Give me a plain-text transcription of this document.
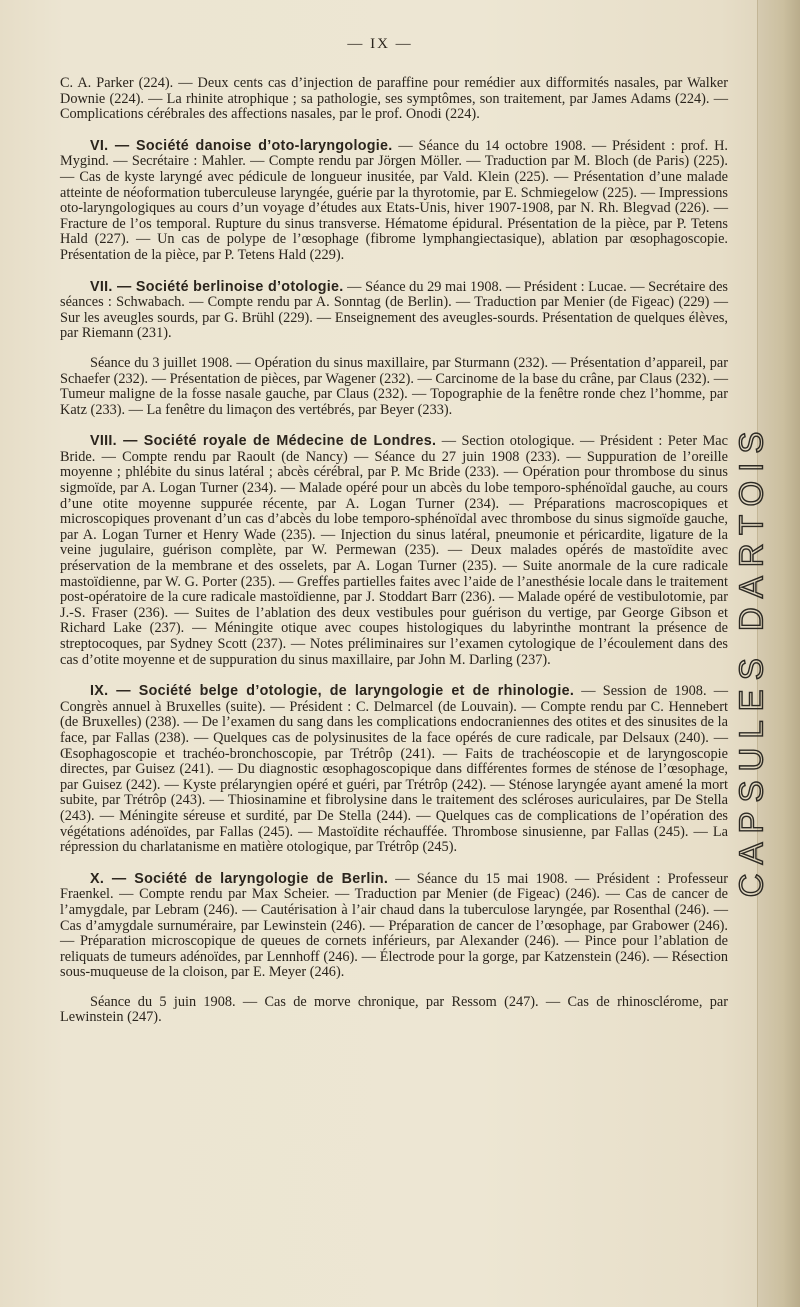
— IX —

C. A. Parker (224). — Deux cents cas d’injection de paraffine pour remédier aux difformités nasales, par Walker Downie (224). — La rhinite atrophique ; sa pathologie, ses symptômes, son traitement, par James Adams (224). — Complications cérébrales des affections nasales, par le prof. Onodi (224).

VI. — Société danoise d’oto-laryngologie. — Séance du 14 octobre 1908. — Président : prof. H. Mygind. — Secrétaire : Mahler. — Compte rendu par Jörgen Möller. — Traduction par M. Bloch (de Paris) (225). — Cas de kyste laryngé avec pédicule de longueur inusitée, par Vald. Klein (225). — Présentation d’une malade atteinte de néoformation tuberculeuse laryngée, guérie par la thyrotomie, par E. Schmiegelow (225). — Impressions oto-laryngologiques au cours d’un voyage d’études aux Etats-Unis, hiver 1907-1908, par N. Rh. Blegvad (226). — Fracture de l’os temporal. Rupture du sinus transverse. Hématome épidural. Présentation de la pièce, par P. Tetens Hald (227). — Un cas de polype de l’œsophage (fibrome lymphangiectasique), ablation par œsophagoscopie. Présentation de la pièce, par P. Tetens Hald (229).

VII. — Société berlinoise d’otologie. — Séance du 29 mai 1908. — Président : Lucae. — Secrétaire des séances : Schwabach. — Compte rendu par A. Sonntag (de Berlin). — Traduction par Menier (de Figeac) (229) — Sur les aveugles sourds, par G. Brühl (229). — Enseignement des aveugles-sourds. Présentation de quelques élèves, par Riemann (231).

Séance du 3 juillet 1908. — Opération du sinus maxillaire, par Sturmann (232). — Présentation d’appareil, par Schaefer (232). — Présentation de pièces, par Wagener (232). — Carcinome de la base du crâne, par Claus (232). — Tumeur maligne de la fosse nasale gauche, par Claus (232). — Topographie de la fenêtre ronde chez l’homme, par Katz (233). — La fenêtre du limaçon des vertébrés, par Beyer (233).

VIII. — Société royale de Médecine de Londres. — Section otologique. — Président : Peter Mac Bride. — Compte rendu par Raoult (de Nancy) — Séance du 27 juin 1908 (233). — Suppuration de l’oreille moyenne ; phlébite du sinus latéral ; abcès cérébral, par P. Mc Bride (233). — Opération pour thrombose du sinus sigmoïde, par A. Logan Turner (234). — Malade opéré pour un abcès du lobe temporo-sphénoïdal gauche, au cours d’une otite moyenne suppurée récente, par A. Logan Turner (234). — Préparations macroscopiques et microscopiques provenant d’un cas d’abcès du lobe temporo-sphénoïdal avec thrombose du sinus sigmoïde gauche, par A. Logan Turner et Henry Wade (235). — Injection du sinus latéral, pneumonie et péricardite, ligature de la veine jugulaire, guérison complète, par W. Permewan (235). — Deux malades opérés de mastoïdite avec préservation de la membrane et des osselets, par A. Logan Turner (235). — Suite anormale de la cure radicale mastoïdienne, par W. G. Porter (235). — Greffes partielles faites avec l’aide de l’anesthésie locale dans le traitement post-opératoire de la cure radicale mastoïdienne, par J. Stoddart Barr (236). — Malade opéré de vestibulotomie, par J.-S. Fraser (236). — Suites de l’ablation des deux vestibules pour guérison du vertige, par George Gibson et Richard Lake (237). — Méningite otique avec coupes histologiques du labyrinthe montrant la présence de streptocoques, par Sydney Scott (237). — Notes préliminaires sur l’examen cytologique de l’écoulement dans des cas d’otite moyenne et de suppuration du sinus maxillaire, par John M. Darling (237).

IX. — Société belge d’otologie, de laryngologie et de rhinologie. — Session de 1908. — Congrès annuel à Bruxelles (suite). — Président : C. Delmarcel (de Louvain). — Compte rendu par C. Hennebert (de Bruxelles) (238). — De l’examen du sang dans les complications endocraniennes des otites et des sinusites de la face, par Fallas (238). — Quelques cas de polysinusites de la face opérés de cure radicale, par Delsaux (240). — Œsophagoscopie et trachéo-bronchoscopie, par Trétrôp (241). — Faits de trachéoscopie et de laryngoscopie directes, par Guisez (241). — Du diagnostic œsophagoscopique dans différentes formes de sténose de l’œsophage, par Guisez (242). — Kyste prélaryngien opéré et guéri, par Trétrôp (242). — Sténose laryngée ayant amené la mort subite, par Trétrôp (243). — Thiosinamine et fibrolysine dans le traitement des scléroses auriculaires, par De Stella (243). — Méningite séreuse et surdité, par De Stella (244). — Quelques cas de complications de l’opération des végétations adénoïdes, par Fallas (245). — Mastoïdite réchauffée. Thrombose sinusienne, par Fallas (245). — La répression du charlatanisme en matière otologique, par Trétrôp (245).

X. — Société de laryngologie de Berlin. — Séance du 15 mai 1908. — Président : Professeur Fraenkel. — Compte rendu par Max Scheier. — Traduction par Menier (de Figeac) (246). — Cas de cancer de l’amygdale, par Lebram (246). — Cautérisation à l’air chaud dans la tuberculose laryngée, par Rosenthal (246). — Cas d’amygdale surnuméraire, par Lewinstein (246). — Préparation de cancer de l’œsophage, par Grabower (246). — Préparation microscopique de queues de cornets inférieurs, par Alexander (246). — Pince pour l’ablation de reliquats de tumeurs adénoïdes, par Lennhoff (246). — Électrode pour la gorge, par Katzenstein (246). — Résection sous-muqueuse de la cloison, par E. Meyer (246).

Séance du 5 juin 1908. — Cas de morve chronique, par Ressom (247). — Cas de rhinosclérome, par Lewinstein (247).

CAPSULES DARTOIS
